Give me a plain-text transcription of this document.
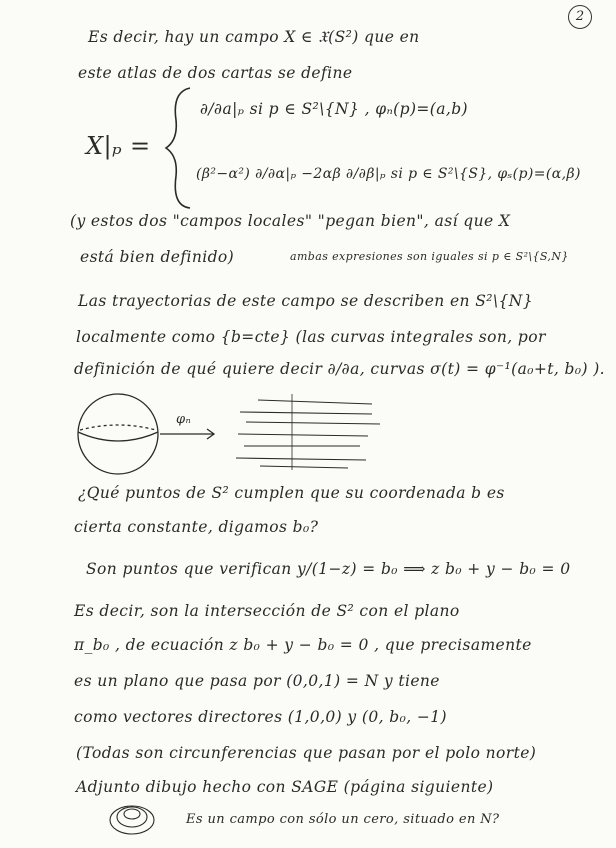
2
Es decir, hay un campo X ∈ 𝔛(S²) que en
este atlas de dos cartas se define
X|ₚ =
∂/∂a|ₚ si p ∈ S²\{N} , φₙ(p)=(a,b)
(β²−α²) ∂/∂α|ₚ −2αβ ∂/∂β|ₚ si p ∈ S²\{S}, φₛ(p)=(α,β)
(y estos dos "campos locales" "pegan bien", así que X
está bien definido)	ambas expresiones son iguales si p ∈ S²\{S,N}
Las trayectorias de este campo se describen en S²\{N}
localmente como {b=cte} (las curvas integrales son, por
definición de qué quiere decir ∂/∂a, curvas σ(t) = φ⁻¹(a₀+t, b₀) ).
φₙ
¿Qué puntos de S² cumplen que su coordenada b es
cierta constante, digamos b₀?
Son puntos que verifican y/(1−z) = b₀ ⟹ z b₀ + y − b₀ = 0
Es decir, son la intersección de S² con el plano
π_b₀ , de ecuación z b₀ + y − b₀ = 0 , que precisamente
es un plano que pasa por (0,0,1) = N y tiene
como vectores directores (1,0,0) y (0, b₀, −1)
(Todas son circunferencias que pasan por el polo norte)
Adjunto dibujo hecho con SAGE (página siguiente)
Es un campo con sólo un cero, situado en N?
